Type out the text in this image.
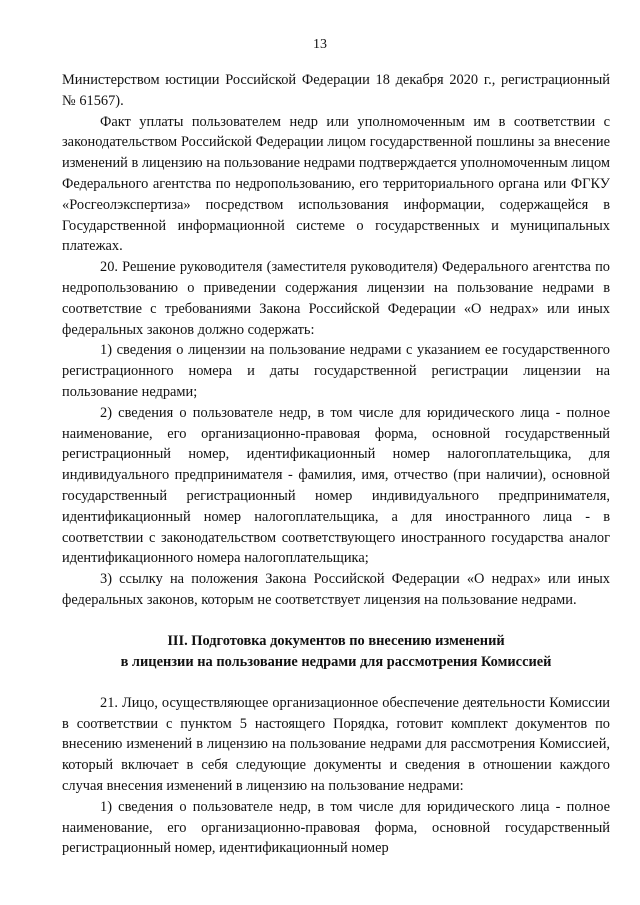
13

Министерством юстиции Российской Федерации 18 декабря 2020 г., регистрационный № 61567).

Факт уплаты пользователем недр или уполномоченным им в соответствии с законодательством Российской Федерации лицом государственной пошлины за внесение изменений в лицензию на пользование недрами подтверждается уполномоченным лицом Федерального агентства по недропользованию, его территориального органа или ФГКУ «Росгеолэкспертиза» посредством использования информации, содержащейся в Государственной информационной системе о государственных и муниципальных платежах.

20. Решение руководителя (заместителя руководителя) Федерального агентства по недропользованию о приведении содержания лицензии на пользование недрами в соответствие с требованиями Закона Российской Федерации «О недрах» или иных федеральных законов должно содержать:

1) сведения о лицензии на пользование недрами с указанием ее государственного регистрационного номера и даты государственной регистрации лицензии на пользование недрами;

2) сведения о пользователе недр, в том числе для юридического лица - полное наименование, его организационно-правовая форма, основной государственный регистрационный номер, идентификационный номер налогоплательщика, для индивидуального предпринимателя - фамилия, имя, отчество (при наличии), основной государственный регистрационный номер индивидуального предпринимателя, идентификационный номер налогоплательщика, а для иностранного лица - в соответствии с законодательством соответствующего иностранного государства аналог идентификационного номера налогоплательщика;

3) ссылку на положения Закона Российской Федерации «О недрах» или иных федеральных законов, которым не соответствует лицензия на пользование недрами.

III. Подготовка документов по внесению изменений

в лицензии на пользование недрами для рассмотрения Комиссией

21. Лицо, осуществляющее организационное обеспечение деятельности Комиссии в соответствии с пунктом 5 настоящего Порядка, готовит комплект документов по внесению изменений в лицензию на пользование недрами для рассмотрения Комиссией, который включает в себя следующие документы и сведения в отношении каждого случая внесения изменений в лицензию на пользование недрами:

1) сведения о пользователе недр, в том числе для юридического лица - полное наименование, его организационно-правовая форма, основной государственный регистрационный номер, идентификационный номер
